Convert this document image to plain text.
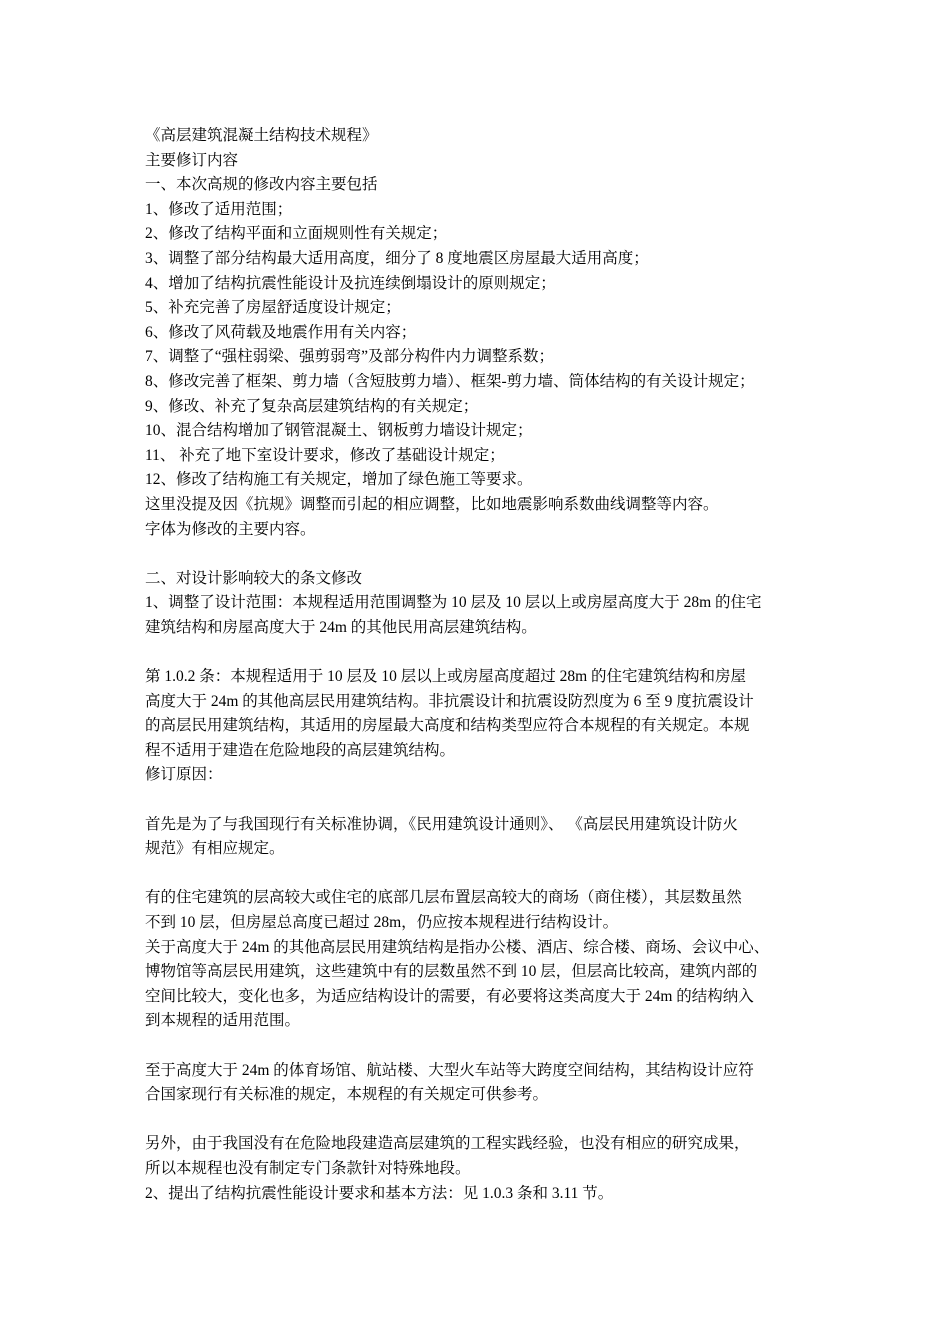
《高层建筑混凝土结构技术规程》
主要修订内容
一、本次高规的修改内容主要包括
1、修改了适用范围；
2、修改了结构平面和立面规则性有关规定；
3、调整了部分结构最大适用高度，细分了 8 度地震区房屋最大适用高度；
4、增加了结构抗震性能设计及抗连续倒塌设计的原则规定；
5、补充完善了房屋舒适度设计规定；
6、修改了风荷载及地震作用有关内容；
7、调整了“强柱弱梁、强剪弱弯”及部分构件内力调整系数；
8、修改完善了框架、剪力墙（含短肢剪力墙）、框架-剪力墙、筒体结构的有关设计规定；
9、修改、补充了复杂高层建筑结构的有关规定；
10、混合结构增加了钢管混凝土、钢板剪力墙设计规定；
11、 补充了地下室设计要求，修改了基础设计规定；
12、修改了结构施工有关规定，增加了绿色施工等要求。
这里没提及因《抗规》调整而引起的相应调整，比如地震影响系数曲线调整等内容。
字体为修改的主要内容。
二、对设计影响较大的条文修改
1、调整了设计范围：本规程适用范围调整为 10 层及 10 层以上或房屋高度大于 28m 的住宅
建筑结构和房屋高度大于 24m 的其他民用高层建筑结构。
第 1.0.2 条：本规程适用于 10 层及 10 层以上或房屋高度超过 28m 的住宅建筑结构和房屋
高度大于 24m 的其他高层民用建筑结构。非抗震设计和抗震设防烈度为 6 至 9 度抗震设计
的高层民用建筑结构，其适用的房屋最大高度和结构类型应符合本规程的有关规定。本规
程不适用于建造在危险地段的高层建筑结构。
修订原因：
首先是为了与我国现行有关标准协调，《民用建筑设计通则》、 《高层民用建筑设计防火
规范》有相应规定。
有的住宅建筑的层高较大或住宅的底部几层布置层高较大的商场（商住楼），其层数虽然
不到 10 层，但房屋总高度已超过 28m，仍应按本规程进行结构设计。
关于高度大于 24m 的其他高层民用建筑结构是指办公楼、酒店、综合楼、商场、会议中心、
博物馆等高层民用建筑，这些建筑中有的层数虽然不到 10 层，但层高比较高，建筑内部的
空间比较大，变化也多，为适应结构设计的需要，有必要将这类高度大于 24m 的结构纳入
到本规程的适用范围。
至于高度大于 24m 的体育场馆、航站楼、大型火车站等大跨度空间结构，其结构设计应符
合国家现行有关标准的规定，本规程的有关规定可供参考。
另外，由于我国没有在危险地段建造高层建筑的工程实践经验，也没有相应的研究成果，
所以本规程也没有制定专门条款针对特殊地段。
2、提出了结构抗震性能设计要求和基本方法：见 1.0.3 条和 3.11 节。
